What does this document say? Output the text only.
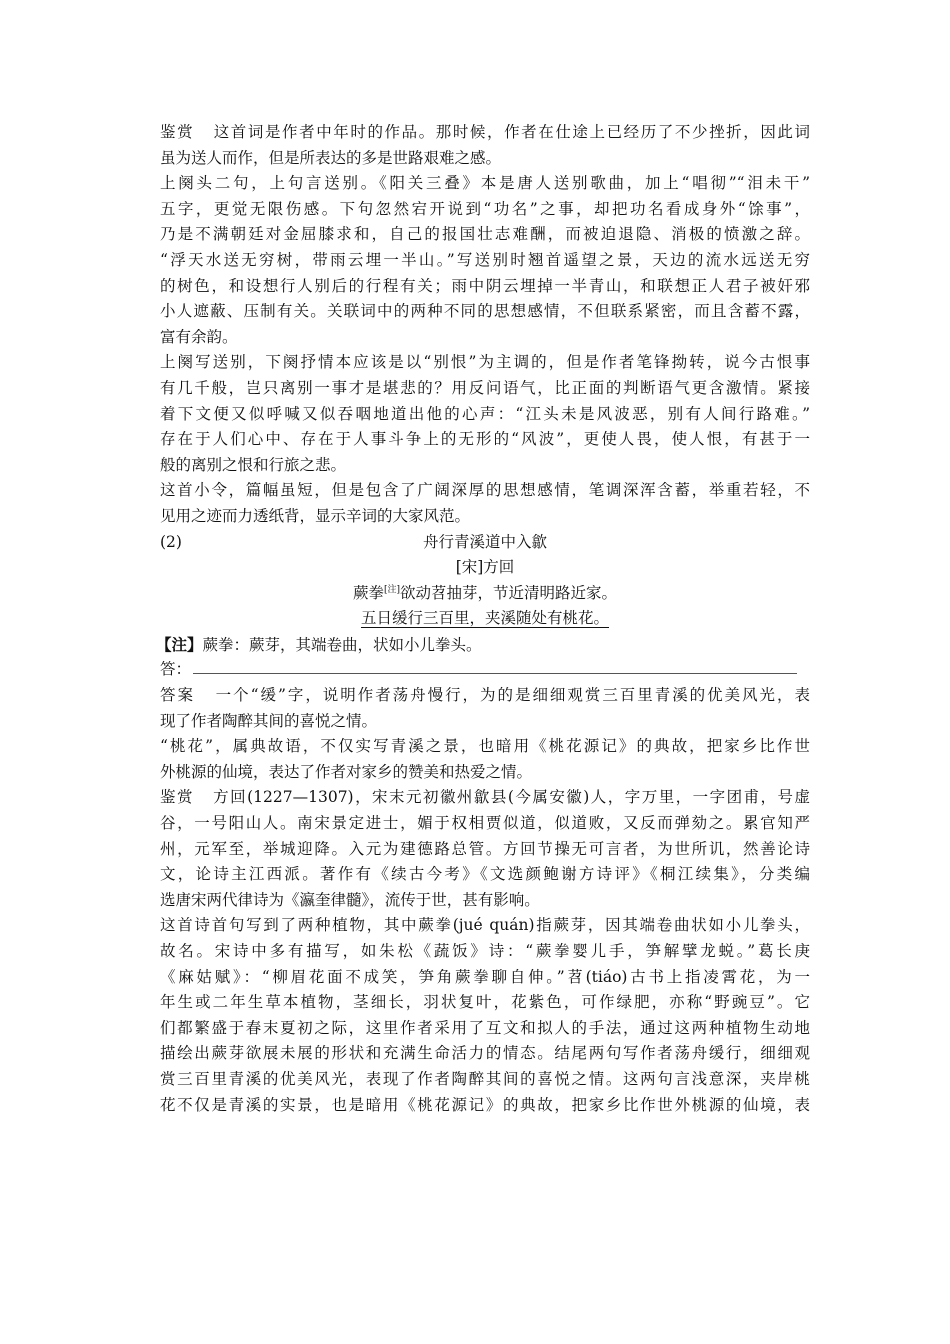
鉴赏 这首词是作者中年时的作品。那时候，作者在仕途上已经历了不少挫折，因此词
虽为送人而作，但是所表达的多是世路艰难之感。
上阕头二句，上句言送别。《阳关三叠》本是唐人送别歌曲，加上“唱彻”“泪未干”
五字，更觉无限伤感。下句忽然宕开说到“功名”之事，却把功名看成身外“馀事”，
乃是不满朝廷对金屈膝求和，自己的报国壮志难酬，而被迫退隐、消极的愤激之辞。
“浮天水送无穷树，带雨云埋一半山。”写送别时翘首遥望之景，天边的流水远送无穷
的树色，和设想行人别后的行程有关；雨中阴云埋掉一半青山，和联想正人君子被奸邪
小人遮蔽、压制有关。关联词中的两种不同的思想感情，不但联系紧密，而且含蓄不露，
富有余韵。
上阕写送别，下阕抒情本应该是以“别恨”为主调的，但是作者笔锋拗转，说今古恨事
有几千般，岂只离别一事才是堪悲的？用反问语气，比正面的判断语气更含激情。紧接
着下文便又似呼喊又似吞咽地道出他的心声：“江头未是风波恶，别有人间行路难。”
存在于人们心中、存在于人事斗争上的无形的“风波”，更使人畏，使人恨，有甚于一
般的离别之恨和行旅之悲。
这首小令，篇幅虽短，但是包含了广阔深厚的思想感情，笔调深浑含蓄，举重若轻，不
见用之迹而力透纸背，显示辛词的大家风范。
(2)	舟行青溪道中入歙
[宋]方回
蕨拳[注]欲动苕抽芽，节近清明路近家。
五日缓行三百里，夹溪随处有桃花。
【注】蕨拳：蕨芽，其端卷曲，状如小儿拳头。
答：
答案 一个“缓”字，说明作者荡舟慢行，为的是细细观赏三百里青溪的优美风光，表
现了作者陶醉其间的喜悦之情。
“桃花”，属典故语，不仅实写青溪之景，也暗用《桃花源记》的典故，把家乡比作世
外桃源的仙境，表达了作者对家乡的赞美和热爱之情。
鉴赏 方回(1227—1307)，宋末元初徽州歙县(今属安徽)人，字万里，一字团甫，号虚
谷，一号阳山人。南宋景定进士，媚于权相贾似道，似道败，又反而弹劾之。累官知严
州，元军至，举城迎降。入元为建德路总管。方回节操无可言者，为世所讥，然善论诗
文，论诗主江西派。著作有《续古今考》《文选颜鲍谢方诗评》《桐江续集》，分类编
选唐宋两代律诗为《瀛奎律髓》，流传于世，甚有影响。
这首诗首句写到了两种植物，其中蕨拳(jué quán)指蕨芽，因其端卷曲状如小儿拳头，
故名。宋诗中多有描写，如朱松《蔬饭》诗：“蕨拳婴儿手，笋解擘龙蜕。”葛长庚
《麻姑赋》：“柳眉花面不成笑，笋角蕨拳聊自伸。”苕(tiáo)古书上指凌霄花，为一
年生或二年生草本植物，茎细长，羽状复叶，花紫色，可作绿肥，亦称“野豌豆”。它
们都繁盛于春末夏初之际，这里作者采用了互文和拟人的手法，通过这两种植物生动地
描绘出蕨芽欲展未展的形状和充满生命活力的情态。结尾两句写作者荡舟缓行，细细观
赏三百里青溪的优美风光，表现了作者陶醉其间的喜悦之情。这两句言浅意深，夹岸桃
花不仅是青溪的实景，也是暗用《桃花源记》的典故，把家乡比作世外桃源的仙境，表
